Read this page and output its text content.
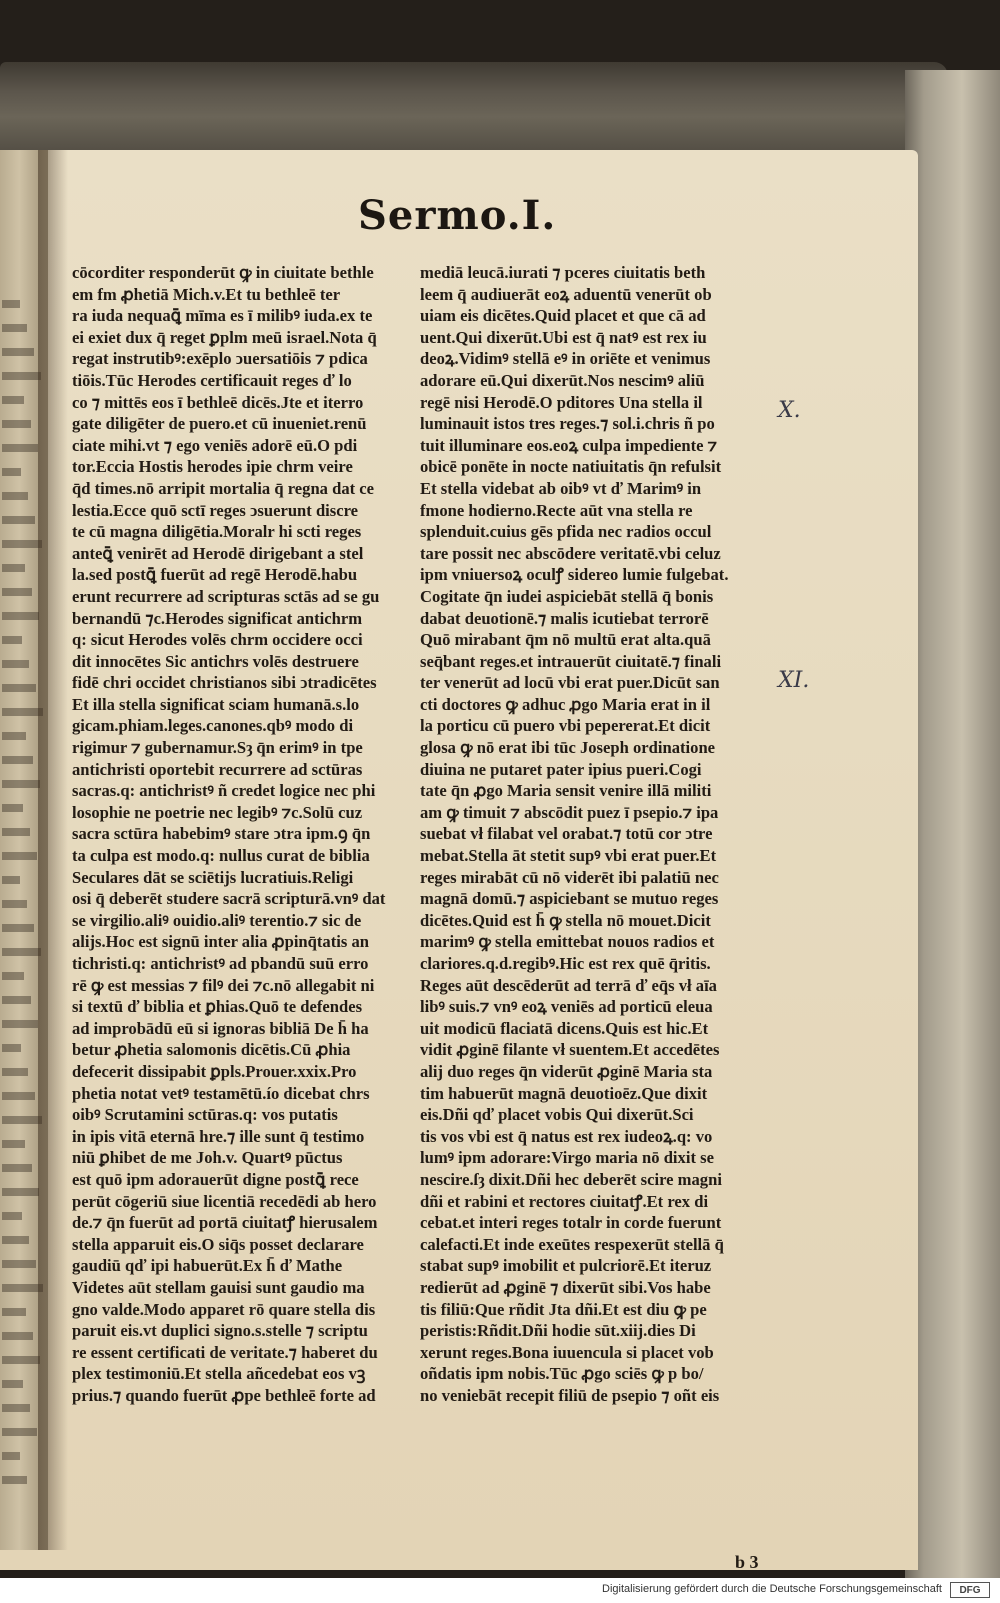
Sermo.I.
cōcorditer responderūt ꝙ in ciuitate bethle
em fm ꝓhetiā Mich.v.Et tu bethleē ter
ra iuda nequaꝗ̄ mīma es ī milibꝰ iuda.ex te
ei exiet dux q̄ reget ꝑplm meū israel.Nota q̄
regat instrutibꝰ:exēplo ↄuersatiōis ⁊ pdica
tiōis.Tūc Herodes certificauit reges ď lo
co ⁊ mittēs eos ī bethleē dicēs.Jte et iterro
gate diligēter de puero.et cū inueniet.renū
ciate mihi.vt ⁊ ego veniēs adorē eū.O pdi
tor.Eccia Hostis herodes ipie chrm veire
q̄d times.nō arripit mortalia q̄ regna dat ce
lestia.Ecce quō sctī reges ↄsuerunt discre
te cū magna diligētia.Moralr hi scti reges
anteꝗ̄ venirēt ad Herodē dirigebant a stel
la.sed postꝗ̄ fuerūt ad regē Herodē.habu
erunt recurrere ad scripturas sctās ad se gu
bernandū ⁊c.Herodes significat antichrm
q: sicut Herodes volēs chrm occidere occi
dit innocētes Sic antichrs volēs destruere
fidē chri occidet christianos sibi ↄtradicētes
Et illa stella significat sciam humanā.s.lo
gicam.phiam.leges.canones.qbꝰ modo di
rigimur ⁊ gubernamur.Sȝ q̄n erimꝰ in tpe
antichristi oportebit recurrere ad sctūras
sacras.q: antichristꝰ ñ credet logice nec phi
losophie ne poetrie nec legibꝰ ⁊c.Solū cuz
sacra sctūra habebimꝰ stare ↄtra ipm.ꝯ q̄n
ta culpa est modo.q: nullus curat de biblia
Seculares dāt se sciētijs lucratiuis.Religi
osi q̄ deberēt studere sacrā scripturā.vnꝰ dat
se virgilio.aliꝰ ouidio.aliꝰ terentio.⁊ sic de
alijs.Hoc est signū inter alia ꝓpinq̄tatis an
tichristi.q: antichristꝰ ad pbandū suū erro
rē ꝙ est messias ⁊ filꝰ dei ⁊c.nō allegabit ni
si textū ď biblia et ꝑhias.Quō te defendes
ad improbādū eū si ignoras bibliā De h̄ ha
betur ꝓhetia salomonis dicētis.Cū ꝓhia
defecerit dissipabit ꝑpls.Prouer.xxix.Pro
phetia notat vetꝰ testamētū.ío dicebat chrs
oibꝰ Scrutamini sctūras.q: vos putatis
in ipis vitā eternā hre.⁊ ille sunt q̄ testimo
niū ꝑhibet de me Joh.v. Quartꝰ pūctus
est quō ipm adorauerūt digne postꝗ̄ rece
perūt cōgeriū siue licentiā recedēdi ab hero
de.⁊ q̄n fuerūt ad portā ciuitatꝭ hierusalem
stella apparuit eis.O siq̄s posset declarare
gaudiū qď ipi habuerūt.Ex h̄ ď Mathe
Videtes aūt stellam gauisi sunt gaudio ma
gno valde.Modo apparet rō quare stella dis
paruit eis.vt duplici signo.s.stelle ⁊ scriptu
re essent certificati de veritate.⁊ haberet du
plex testimoniū.Et stella añcedebat eos vꝫ
prius.⁊ quando fuerūt ꝓpe bethleē forte ad
mediā leucā.iurati ⁊ pceres ciuitatis beth
leem q̄ audiuerāt eoꝝ aduentū venerūt ob
uiam eis dicētes.Quid placet et que cā ad
uent.Qui dixerūt.Ubi est q̄ natꝰ est rex iu
deoꝝ.Vidimꝰ stellā eꝰ in oriēte et venimus
adorare eū.Qui dixerūt.Nos nescimꝰ aliū
regē nisi Herodē.O pditores Una stella il
luminauit istos tres reges.⁊ sol.i.chris ñ po
tuit illuminare eos.eoꝝ culpa impediente ⁊
obicē ponēte in nocte natiuitatis q̄n refulsit
Et stella videbat ab oibꝰ vt ď Marimꝰ in
fmone hodierno.Recte aūt vna stella re
splenduit.cuius gēs pfida nec radios occul
tare possit nec abscōdere veritatē.vbi celuz
ipm vniuersoꝝ oculꝭ sidereo lumie fulgebat.
Cogitate q̄n iudei aspiciebāt stellā q̄ bonis
dabat deuotionē.⁊ malis icutiebat terrorē
Quō mirabant q̄m nō multū erat alta.quā
seq̄bant reges.et intrauerūt ciuitatē.⁊ finali
ter venerūt ad locū vbi erat puer.Dicūt san
cti doctores ꝙ adhuc ꝓgo Maria erat in il
la porticu cū puero vbi pepererat.Et dicit
glosa ꝙ nō erat ibi tūc Joseph ordinatione
diuina ne putaret pater ipius pueri.Cogi
tate q̄n ꝓgo Maria sensit venire illā militi
am ꝙ timuit ⁊ abscōdit puez ī psepio.⁊ ipa
suebat vł filabat vel orabat.⁊ totū cor ↄtre
mebat.Stella āt stetit supꝰ vbi erat puer.Et
reges mirabāt cū nō viderēt ibi palatiū nec
magnā domū.⁊ aspiciebant se mutuo reges
dicētes.Quid est h̄ ꝙ stella nō mouet.Dicit
marimꝰ ꝙ stella emittebat nouos radios et
clariores.q.d.regibꝰ.Hic est rex quē q̄ritis.
Reges aūt descēderūt ad terrā ď eq̄s vł aīa
libꝰ suis.⁊ vnꝰ eoꝝ veniēs ad porticū eleua
uit modicū flaciatā dicens.Quis est hic.Et
vidit ꝓginē filante vł suentem.Et accedētes
alij duo reges q̄n viderūt ꝓginē Maria sta
tim habuerūt magnā deuotioēz.Que dixit
eis.Dñi qď placet vobis Qui dixerūt.Sci
tis vos vbi est q̄ natus est rex iudeoꝝ.q: vo
lumꝰ ipm adorare:Virgo maria nō dixit se
nescire.ſȝ dixit.Dñi hec deberēt scire magni
dñi et rabini et rectores ciuitatꝭ.Et rex di
cebat.et interi reges totalr in corde fuerunt
calefacti.Et inde exeūtes respexerūt stellā q̄
stabat supꝰ imobilit et pulcriorē.Et iteruz
redierūt ad ꝓginē ⁊ dixerūt sibi.Vos habe
tis filiū:Que rñdit Jta dñi.Et est diu ꝙ pe
peristis:Rñdit.Dñi hodie sūt.xiij.dies Di
xerunt reges.Bona iuuencula si placet vob
oñdatis ipm nobis.Tūc ꝓgo sciēs ꝙ p bo/
no veniebāt recepit filiū de psepio ⁊ oñt eis
X.
XI.
b 3
Digitalisierung gefördert durch die Deutsche Forschungsgemeinschaft	DFG
